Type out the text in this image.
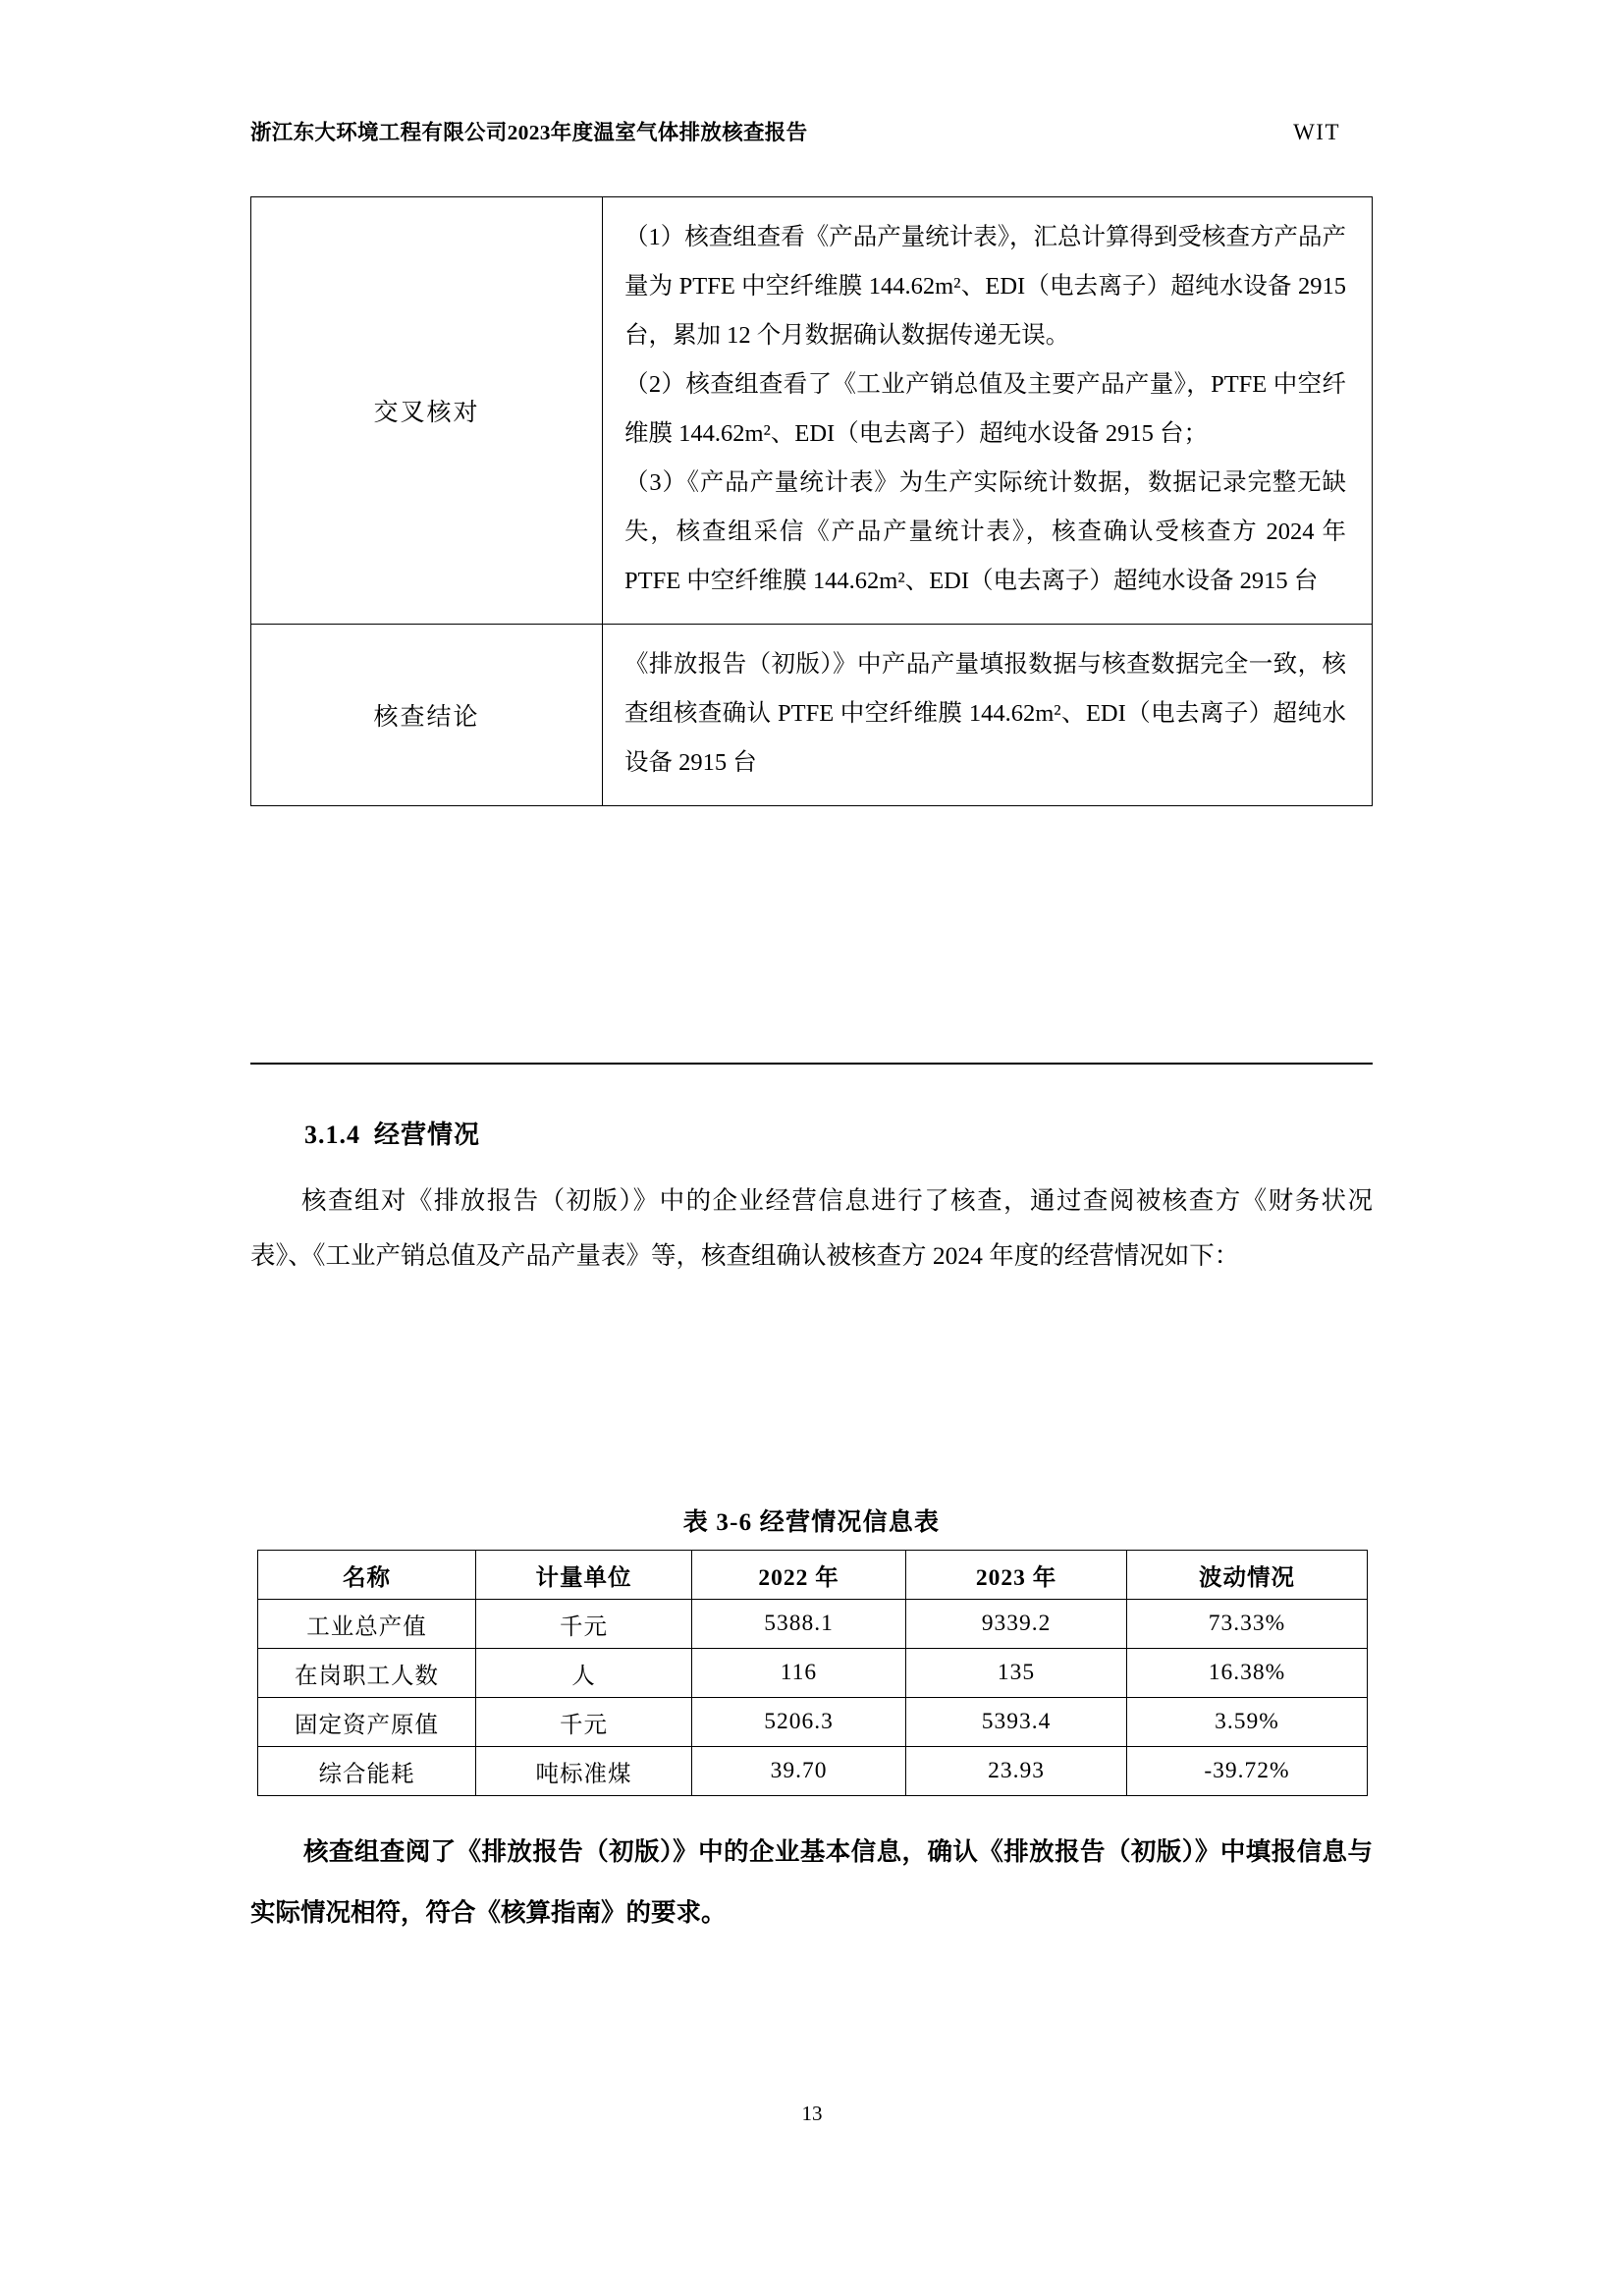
浙江东大环境工程有限公司2023年度温室气体排放核查报告	WIT
交叉核对	（1）核查组查看《产品产量统计表》，汇总计算得到受核查方产品产量为 PTFE 中空纤维膜 144.62m²、EDI（电去离子）超纯水设备 2915 台，累加 12 个月数据确认数据传递无误。
（2）核查组查看了《工业产销总值及主要产品产量》，PTFE 中空纤维膜 144.62m²、EDI（电去离子）超纯水设备 2915 台；
（3）《产品产量统计表》为生产实际统计数据，数据记录完整无缺失，核查组采信《产品产量统计表》，核查确认受核查方 2024 年 PTFE 中空纤维膜 144.62m²、EDI（电去离子）超纯水设备 2915 台

核查结论	《排放报告（初版）》中产品产量填报数据与核查数据完全一致，核查组核查确认 PTFE 中空纤维膜 144.62m²、EDI（电去离子）超纯水设备 2915 台
3.1.4 经营情况
核查组对《排放报告（初版）》中的企业经营信息进行了核查，通过查阅被核查方《财务状况表》、《工业产销总值及产品产量表》等，核查组确认被核查方 2024 年度的经营情况如下：
表 3-6 经营情况信息表
名称	计量单位	2022 年	2023 年	波动情况
工业总产值	千元	5388.1	9339.2	73.33%
在岗职工人数	人	116	135	16.38%
固定资产原值	千元	5206.3	5393.4	3.59%
综合能耗	吨标准煤	39.70	23.93	-39.72%
核查组查阅了《排放报告（初版）》中的企业基本信息，确认《排放报告（初版）》中填报信息与实际情况相符，符合《核算指南》的要求。
13
